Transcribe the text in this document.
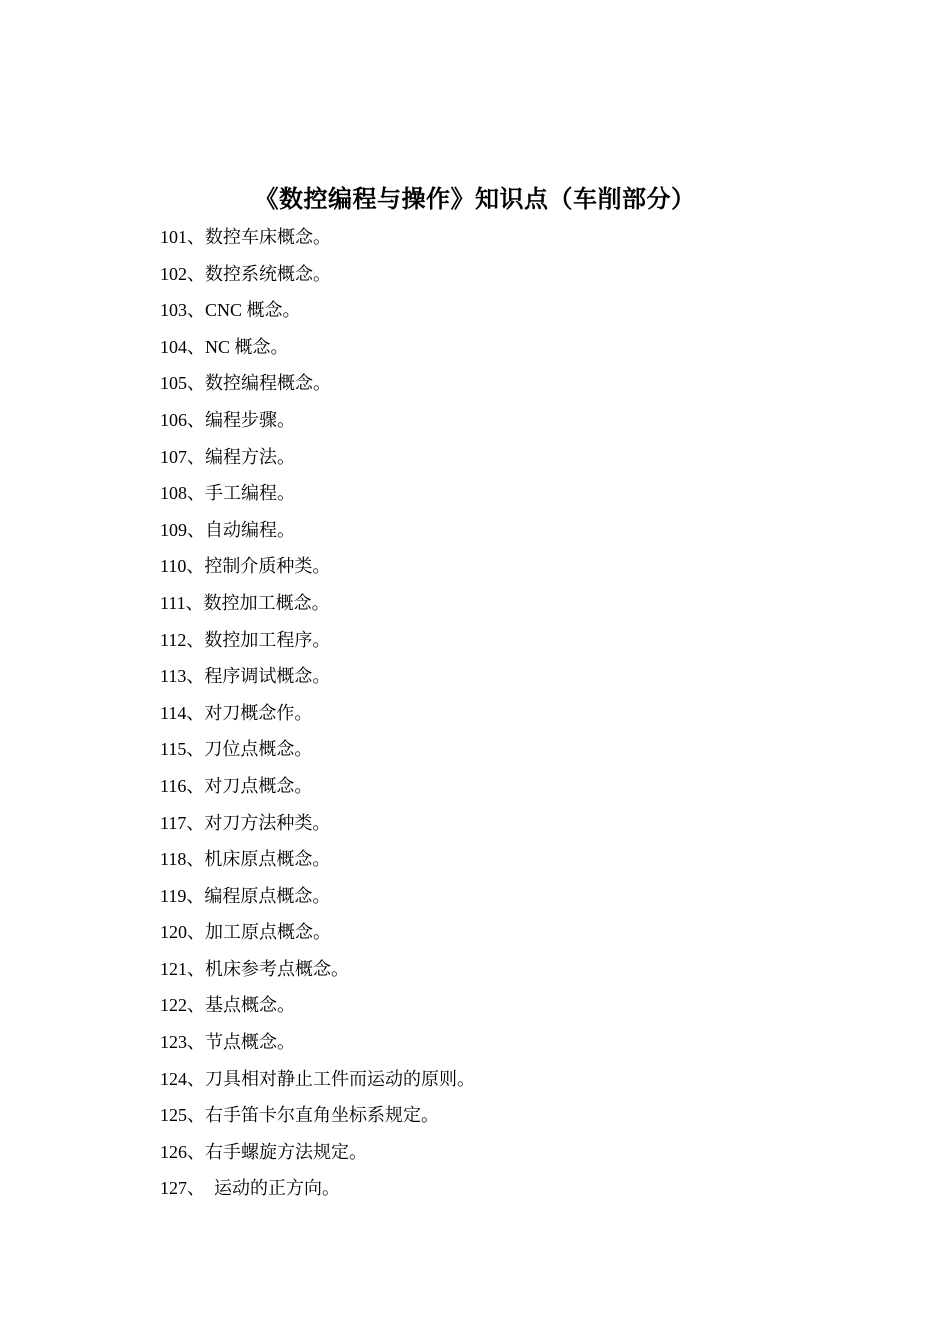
《数控编程与操作》知识点（车削部分）
101、数控车床概念。
102、数控系统概念。
103、CNC 概念。
104、NC 概念。
105、数控编程概念。
106、编程步骤。
107、编程方法。
108、手工编程。
109、自动编程。
110、控制介质种类。
111、数控加工概念。
112、数控加工程序。
113、程序调试概念。
114、对刀概念作。
115、刀位点概念。
116、对刀点概念。
117、对刀方法种类。
118、机床原点概念。
119、编程原点概念。
120、加工原点概念。
121、机床参考点概念。
122、基点概念。
123、节点概念。
124、刀具相对静止工件而运动的原则。
125、右手笛卡尔直角坐标系规定。
126、右手螺旋方法规定。
127、  运动的正方向。
